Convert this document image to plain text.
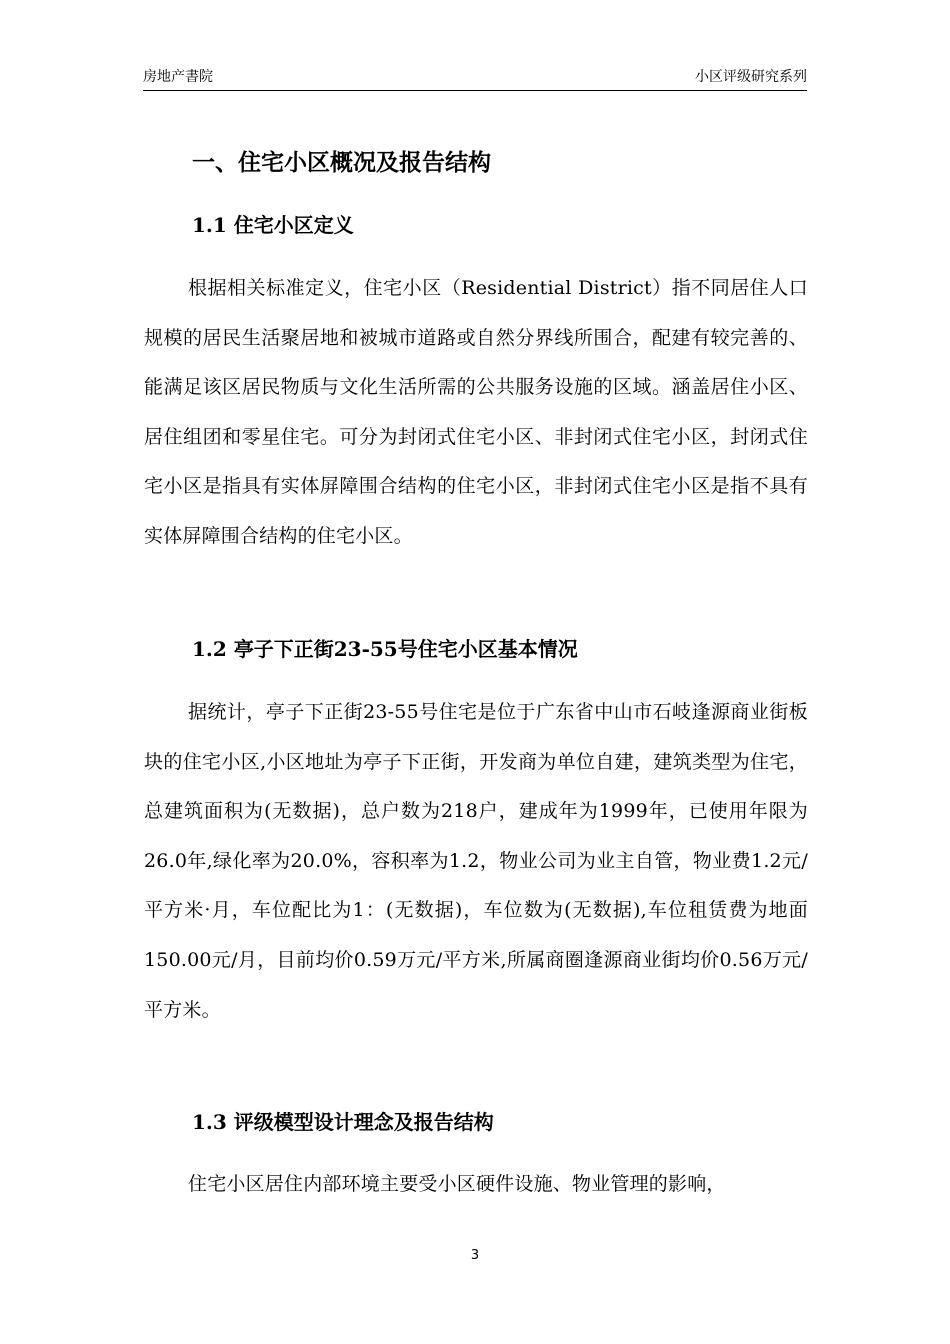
房地产書院	小区评级研究系列
一、住宅小区概况及报告结构
1.1 住宅小区定义
根据相关标准定义，住宅小区（Residential District）指不同居住人口规模的居民生活聚居地和被城市道路或自然分界线所围合，配建有较完善的、能满足该区居民物质与文化生活所需的公共服务设施的区域。涵盖居住小区、居住组团和零星住宅。可分为封闭式住宅小区、非封闭式住宅小区，封闭式住宅小区是指具有实体屏障围合结构的住宅小区，非封闭式住宅小区是指不具有实体屏障围合结构的住宅小区。
1.2 亭子下正街23-55号住宅小区基本情况
据统计，亭子下正街23-55号住宅是位于广东省中山市石岐逢源商业街板块的住宅小区,小区地址为亭子下正街，开发商为单位自建，建筑类型为住宅，总建筑面积为(无数据)，总户数为218户，建成年为1999年，已使用年限为26.0年,绿化率为20.0%，容积率为1.2，物业公司为业主自管，物业费1.2元/平方米·月，车位配比为1：(无数据)，车位数为(无数据),车位租赁费为地面150.00元/月，目前均价0.59万元/平方米,所属商圈逢源商业街均价0.56万元/平方米。
1.3 评级模型设计理念及报告结构
住宅小区居住内部环境主要受小区硬件设施、物业管理的影响，
3
